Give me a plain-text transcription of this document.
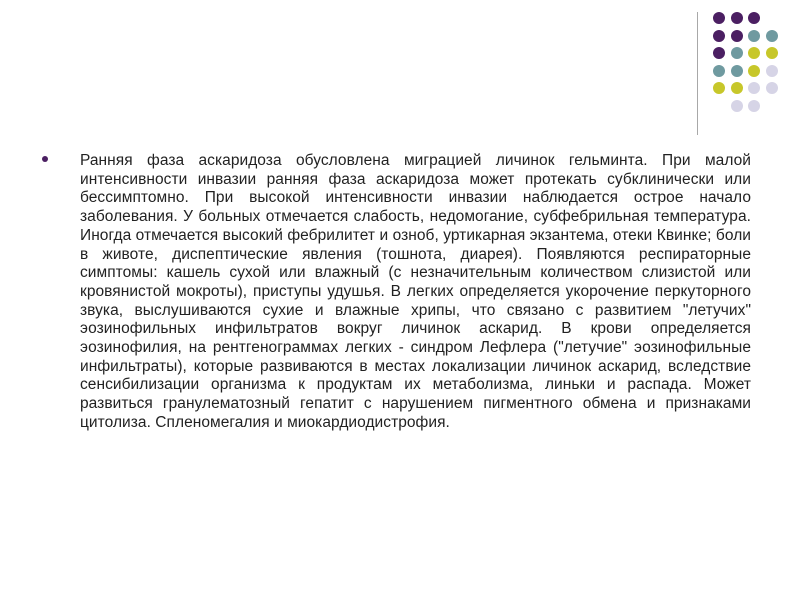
Ранняя фаза аскаридоза обусловлена миграцией личинок гельминта. При малой интенсивности инвазии ранняя фаза аскаридоза может протекать субклинически или бессимптомно. При высокой интенсивности инвазии наблюдается острое начало заболевания. У больных отмечается слабость, недомогание, субфебрильная температура. Иногда отмечается высокий фебрилитет и озноб, уртикарная экзантема, отеки Квинке; боли в животе, диспептические явления (тошнота, диарея). Появляются респираторные симптомы: кашель сухой или влажный (с незначительным количеством слизистой или кровянистой мокроты), приступы удушья. В легких определяется укорочение перкуторного звука, выслушиваются сухие и влажные хрипы, что связано с развитием "летучих" эозинофильных инфильтратов вокруг личинок аскарид. В крови определяется эозинофилия, на рентгенограммах легких - синдром Лефлера ("летучие" эозинофильные инфильтраты), которые развиваются в местах локализации личинок аскарид, вследствие сенсибилизации организма к продуктам их метаболизма, линьки и распада. Может развиться гранулематозный гепатит с нарушением пигментного обмена и признаками цитолиза. Спленомегалия и миокардиодистрофия.
